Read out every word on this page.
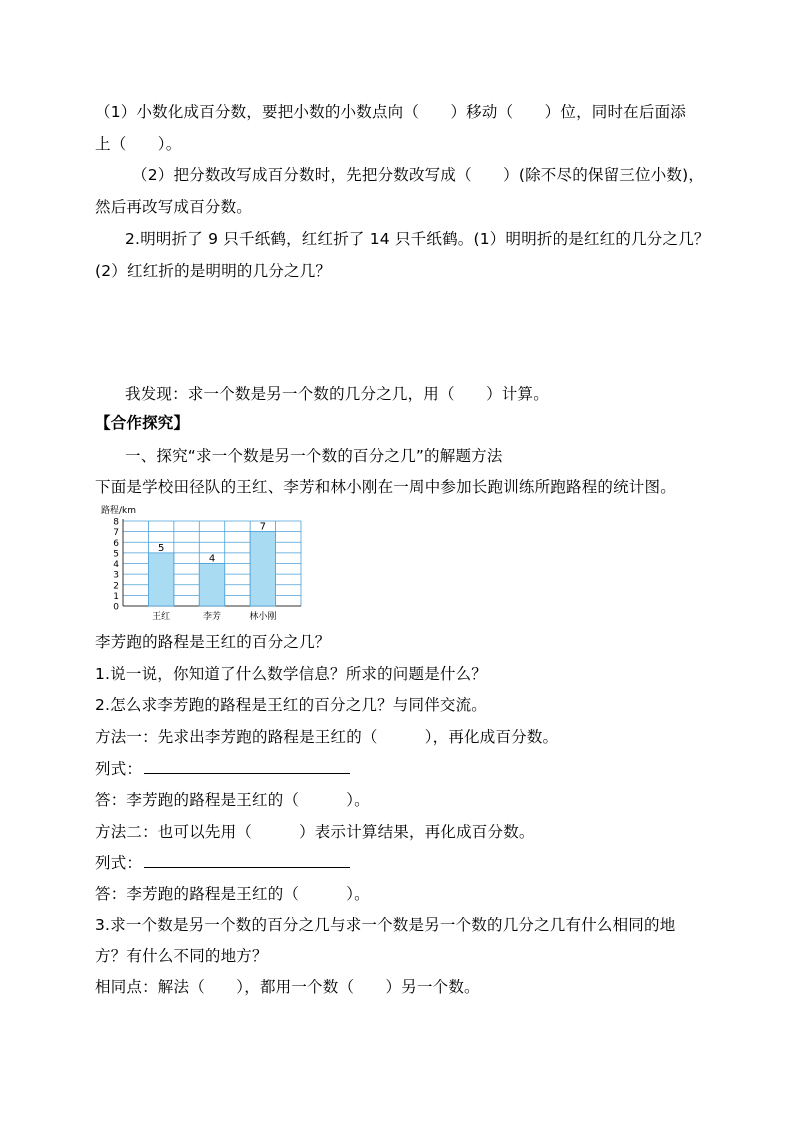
（1）小数化成百分数，要把小数的小数点向（　　）移动（　　）位，同时在后面添
上（　　）。
（2）把分数改写成百分数时，先把分数改写成（　　）(除不尽的保留三位小数)，
然后再改写成百分数。
2.明明折了 9 只千纸鹤，红红折了 14 只千纸鹤。(1）明明折的是红红的几分之几？
(2）红红折的是明明的几分之几？
我发现：求一个数是另一个数的几分之几，用（　　）计算。
【合作探究】
一、探究“求一个数是另一个数的百分之几”的解题方法
下面是学校田径队的王红、李芳和林小刚在一周中参加长跑训练所跑路程的统计图。
路程/km
0
1
2
3
4
5
6
7
8
5
王红
4
李芳
7
林小刚
李芳跑的路程是王红的百分之几？
1.说一说，你知道了什么数学信息？所求的问题是什么？
2.怎么求李芳跑的路程是王红的百分之几？与同伴交流。
方法一：先求出李芳跑的路程是王红的（　　　），再化成百分数。
列式：
答：李芳跑的路程是王红的（　　　）。
方法二：也可以先用（　　　）表示计算结果，再化成百分数。
列式：
答：李芳跑的路程是王红的（　　　）。
3.求一个数是另一个数的百分之几与求一个数是另一个数的几分之几有什么相同的地
方？有什么不同的地方？
相同点：解法（　　），都用一个数（　　）另一个数。
